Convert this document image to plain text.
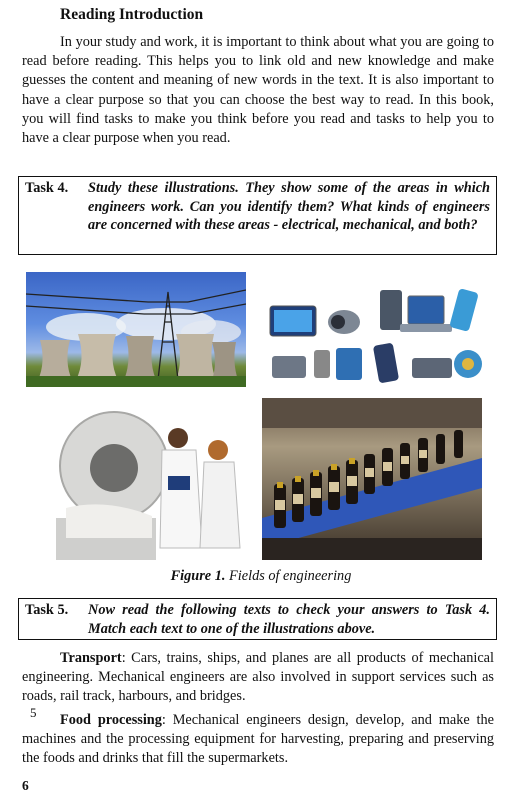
Reading Introduction

In your study and work, it is important to think about what you are going to read before reading. This helps you to link old and new knowledge and make guesses the content and meaning of new words in the text. It is also important to have a clear purpose so that you can choose the best way to read. In this book, you will find tasks to make you think before you read and tasks to help you to have a clear purpose when you read.

Task 4. Study these illustrations. They show some of the areas in which engineers work. Can you identify them? What kinds of engineers are concerned with these areas - electrical, mechanical, and both?
Figure 1. Fields of engineering
Task 5. Now read the following texts to check your answers to Task 4. Match each text to one of the illustrations above.

Transport: Cars, trains, ships, and planes are all products of mechanical engineering. Mechanical engineers are also involved in support services such as roads, rail track, harbours, and bridges.

5	Food processing: Mechanical engineers design, develop, and make the machines and the processing equipment for harvesting, preparing and preserving the foods and drinks that fill the supermarkets.

6
